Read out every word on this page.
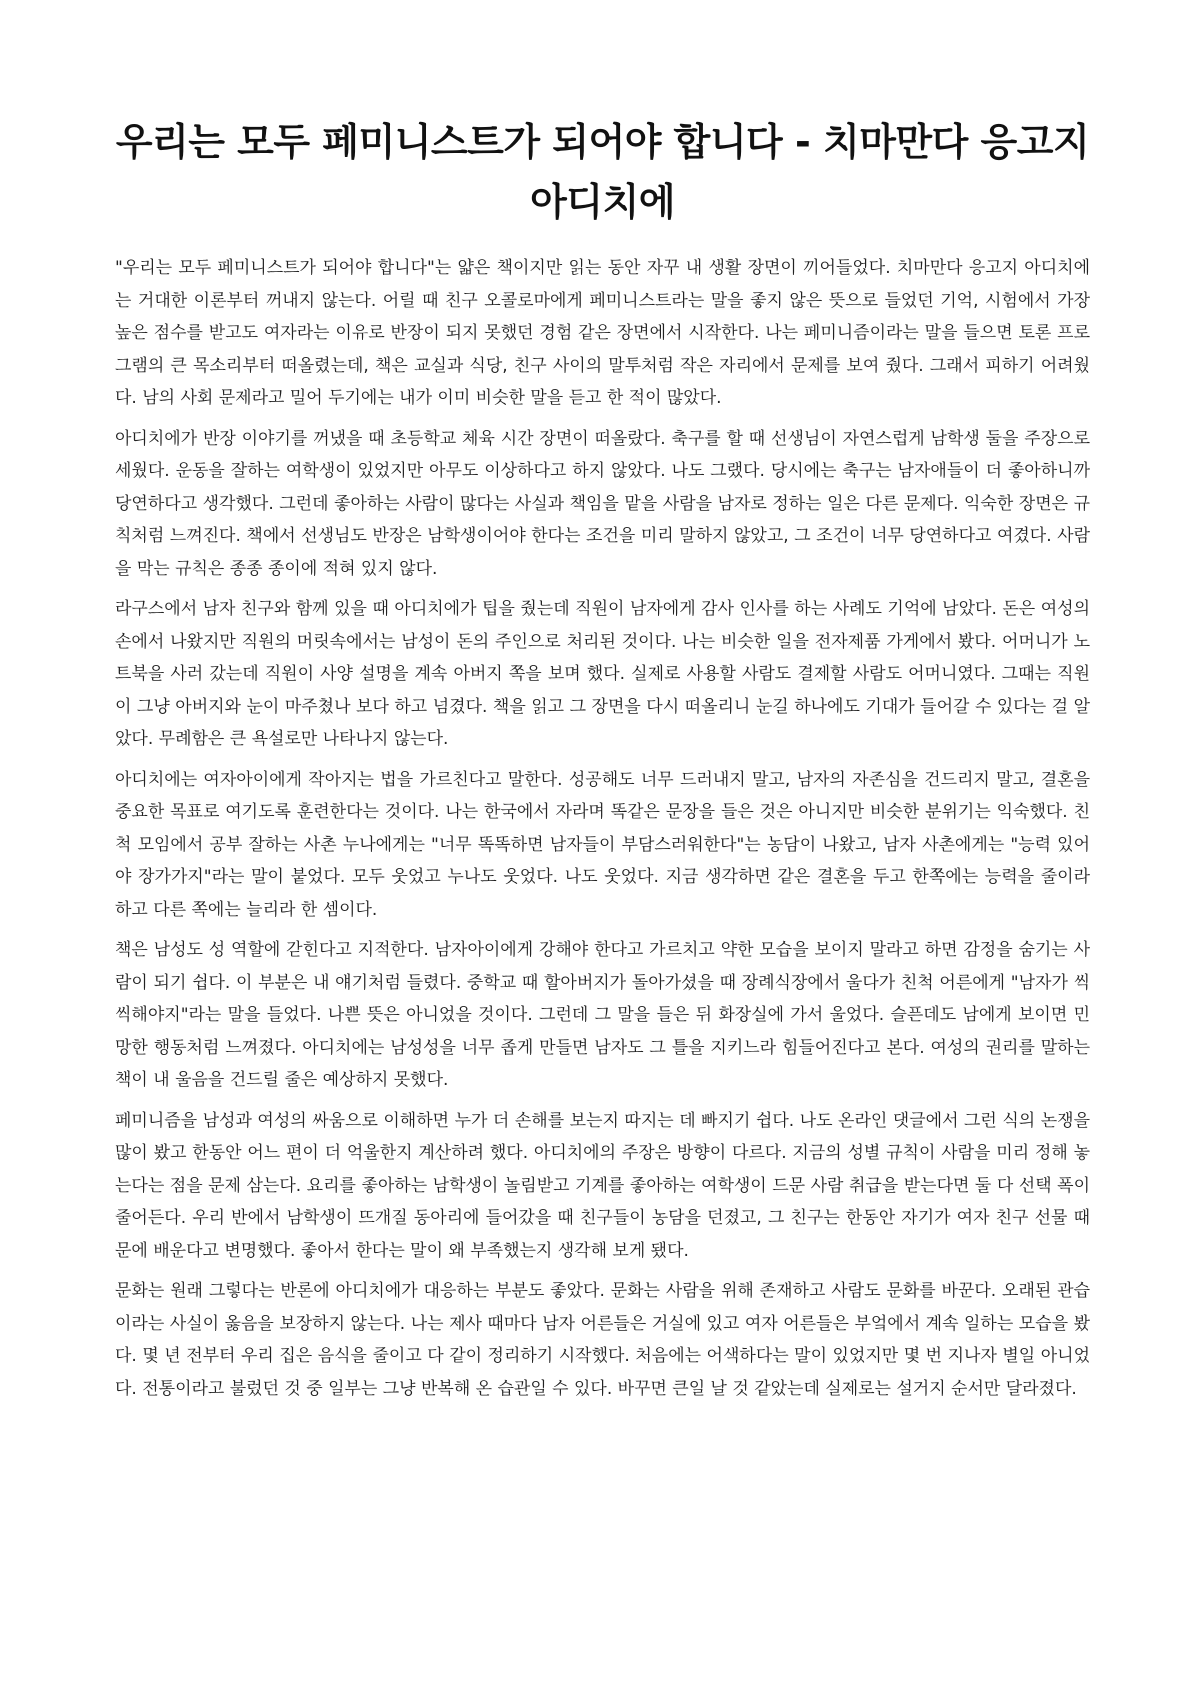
우리는 모두 페미니스트가 되어야 합니다 - 치마만다 응고지 아디치에

"우리는 모두 페미니스트가 되어야 합니다"는 얇은 책이지만 읽는 동안 자꾸 내 생활 장면이 끼어들었다. 치마만다 응고지 아디치에는 거대한 이론부터 꺼내지 않는다. 어릴 때 친구 오콜로마에게 페미니스트라는 말을 좋지 않은 뜻으로 들었던 기억, 시험에서 가장 높은 점수를 받고도 여자라는 이유로 반장이 되지 못했던 경험 같은 장면에서 시작한다. 나는 페미니즘이라는 말을 들으면 토론 프로그램의 큰 목소리부터 떠올렸는데, 책은 교실과 식당, 친구 사이의 말투처럼 작은 자리에서 문제를 보여 줬다. 그래서 피하기 어려웠다. 남의 사회 문제라고 밀어 두기에는 내가 이미 비슷한 말을 듣고 한 적이 많았다.

아디치에가 반장 이야기를 꺼냈을 때 초등학교 체육 시간 장면이 떠올랐다. 축구를 할 때 선생님이 자연스럽게 남학생 둘을 주장으로 세웠다. 운동을 잘하는 여학생이 있었지만 아무도 이상하다고 하지 않았다. 나도 그랬다. 당시에는 축구는 남자애들이 더 좋아하니까 당연하다고 생각했다. 그런데 좋아하는 사람이 많다는 사실과 책임을 맡을 사람을 남자로 정하는 일은 다른 문제다. 익숙한 장면은 규칙처럼 느껴진다. 책에서 선생님도 반장은 남학생이어야 한다는 조건을 미리 말하지 않았고, 그 조건이 너무 당연하다고 여겼다. 사람을 막는 규칙은 종종 종이에 적혀 있지 않다.

라구스에서 남자 친구와 함께 있을 때 아디치에가 팁을 줬는데 직원이 남자에게 감사 인사를 하는 사례도 기억에 남았다. 돈은 여성의 손에서 나왔지만 직원의 머릿속에서는 남성이 돈의 주인으로 처리된 것이다. 나는 비슷한 일을 전자제품 가게에서 봤다. 어머니가 노트북을 사러 갔는데 직원이 사양 설명을 계속 아버지 쪽을 보며 했다. 실제로 사용할 사람도 결제할 사람도 어머니였다. 그때는 직원이 그냥 아버지와 눈이 마주쳤나 보다 하고 넘겼다. 책을 읽고 그 장면을 다시 떠올리니 눈길 하나에도 기대가 들어갈 수 있다는 걸 알았다. 무례함은 큰 욕설로만 나타나지 않는다.

아디치에는 여자아이에게 작아지는 법을 가르친다고 말한다. 성공해도 너무 드러내지 말고, 남자의 자존심을 건드리지 말고, 결혼을 중요한 목표로 여기도록 훈련한다는 것이다. 나는 한국에서 자라며 똑같은 문장을 들은 것은 아니지만 비슷한 분위기는 익숙했다. 친척 모임에서 공부 잘하는 사촌 누나에게는 "너무 똑똑하면 남자들이 부담스러워한다"는 농담이 나왔고, 남자 사촌에게는 "능력 있어야 장가가지"라는 말이 붙었다. 모두 웃었고 누나도 웃었다. 나도 웃었다. 지금 생각하면 같은 결혼을 두고 한쪽에는 능력을 줄이라 하고 다른 쪽에는 늘리라 한 셈이다.

책은 남성도 성 역할에 갇힌다고 지적한다. 남자아이에게 강해야 한다고 가르치고 약한 모습을 보이지 말라고 하면 감정을 숨기는 사람이 되기 쉽다. 이 부분은 내 얘기처럼 들렸다. 중학교 때 할아버지가 돌아가셨을 때 장례식장에서 울다가 친척 어른에게 "남자가 씩씩해야지"라는 말을 들었다. 나쁜 뜻은 아니었을 것이다. 그런데 그 말을 들은 뒤 화장실에 가서 울었다. 슬픈데도 남에게 보이면 민망한 행동처럼 느껴졌다. 아디치에는 남성성을 너무 좁게 만들면 남자도 그 틀을 지키느라 힘들어진다고 본다. 여성의 권리를 말하는 책이 내 울음을 건드릴 줄은 예상하지 못했다.

페미니즘을 남성과 여성의 싸움으로 이해하면 누가 더 손해를 보는지 따지는 데 빠지기 쉽다. 나도 온라인 댓글에서 그런 식의 논쟁을 많이 봤고 한동안 어느 편이 더 억울한지 계산하려 했다. 아디치에의 주장은 방향이 다르다. 지금의 성별 규칙이 사람을 미리 정해 놓는다는 점을 문제 삼는다. 요리를 좋아하는 남학생이 놀림받고 기계를 좋아하는 여학생이 드문 사람 취급을 받는다면 둘 다 선택 폭이 줄어든다. 우리 반에서 남학생이 뜨개질 동아리에 들어갔을 때 친구들이 농담을 던졌고, 그 친구는 한동안 자기가 여자 친구 선물 때문에 배운다고 변명했다. 좋아서 한다는 말이 왜 부족했는지 생각해 보게 됐다.

문화는 원래 그렇다는 반론에 아디치에가 대응하는 부분도 좋았다. 문화는 사람을 위해 존재하고 사람도 문화를 바꾼다. 오래된 관습이라는 사실이 옳음을 보장하지 않는다. 나는 제사 때마다 남자 어른들은 거실에 있고 여자 어른들은 부엌에서 계속 일하는 모습을 봤다. 몇 년 전부터 우리 집은 음식을 줄이고 다 같이 정리하기 시작했다. 처음에는 어색하다는 말이 있었지만 몇 번 지나자 별일 아니었다. 전통이라고 불렀던 것 중 일부는 그냥 반복해 온 습관일 수 있다. 바꾸면 큰일 날 것 같았는데 실제로는 설거지 순서만 달라졌다.
